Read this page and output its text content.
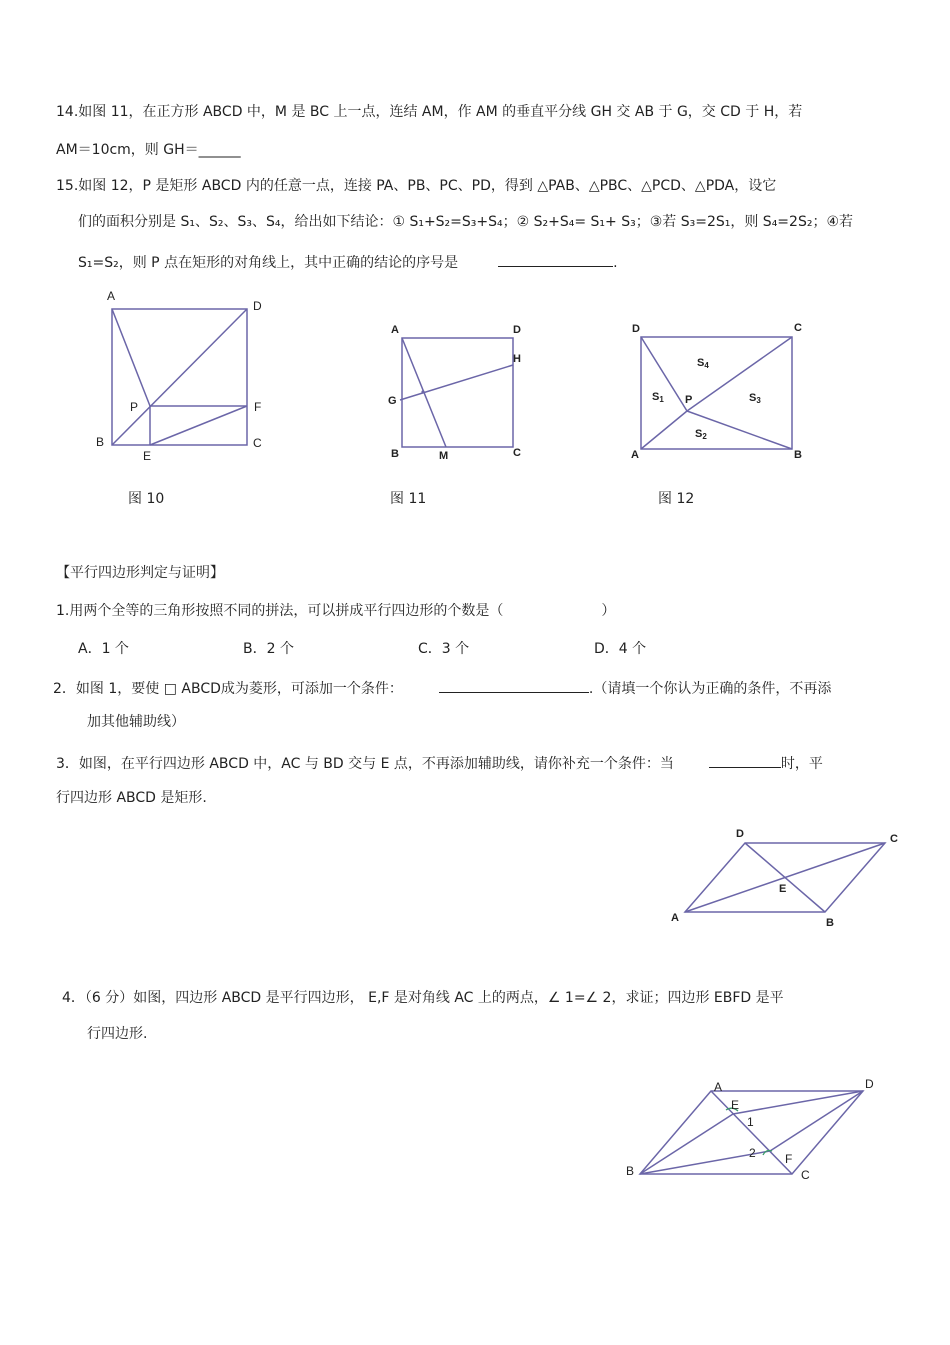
14.如图 11，在正方形 ABCD 中，M 是 BC 上一点，连结 AM，作 AM 的垂直平分线 GH 交 AB 于 G，交 CD 于 H，若
AM＝10cm，则 GH＝______
15.如图 12，P 是矩形 ABCD 内的任意一点，连接 PA、PB、PC、PD，得到 △PAB、△PBC、△PCD、△PDA，设它
们的面积分别是 S₁、S₂、S₃、S₄，给出如下结论：① S₁+S₂=S₃+S₄；② S₂+S₄= S₁+ S₃；③若 S₃=2S₁，则 S₄=2S₂；④若
S₁=S₂，则 P 点在矩形的对角线上，其中正确的结论的序号是	.
A
D
P	F
B
E
C
图 10
A	D
H
G
B	M	C
图 11
D	C
S4
S1 P	S3
S2
A	B
图 12
【平行四边形判定与证明】
1.用两个全等的三角形按照不同的拼法，可以拼成平行四边形的个数是（	）
A．1 个	B．2 个	C．3 个	D．4 个
2．如图 1，要使 □ ABCD成为菱形，可添加一个条件：	.（请填一个你认为正确的条件，不再添
加其他辅助线）
3．如图，在平行四边形 ABCD 中，AC 与 BD 交与 E 点，不再添加辅助线，请你补充一个条件：当	时，平
行四边形 ABCD 是矩形.
D	C
E
A	B
4．（6 分）如图，四边形 ABCD 是平行四边形， E,F 是对角线 AC 上的两点，∠ 1=∠ 2，求证；四边形 EBFD 是平
行四边形.
A	D
E
1
2 F
B	C
